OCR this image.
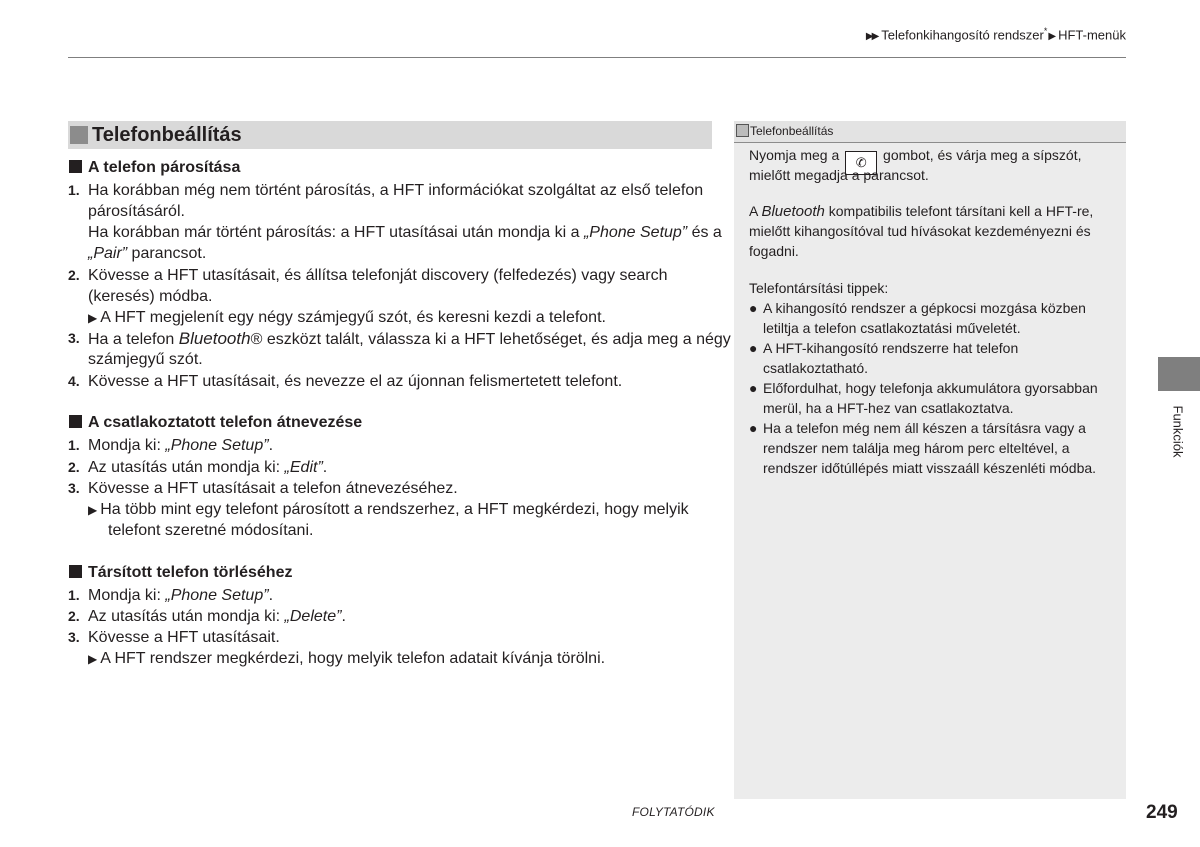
▶▶ Telefonkihangosító rendszer*▶ HFT-menük
Telefonbeállítás
A telefon párosítása
1. Ha korábban még nem történt párosítás, a HFT információkat szolgáltat az első telefon
párosításáról.
Ha korábban már történt párosítás: a HFT utasításai után mondja ki a „Phone Setup” és a
„Pair” parancsot.
2. Kövesse a HFT utasításait, és állítsa telefonját discovery (felfedezés) vagy search
(keresés) módba.
▶ A HFT megjelenít egy négy számjegyű szót, és keresni kezdi a telefont.
3. Ha a telefon Bluetooth® eszközt talált, válassza ki a HFT lehetőséget, és adja meg a négy
számjegyű szót.
4. Kövesse a HFT utasításait, és nevezze el az újonnan felismertetett telefont.
A csatlakoztatott telefon átnevezése
1. Mondja ki: „Phone Setup”.
2. Az utasítás után mondja ki: „Edit”.
3. Kövesse a HFT utasításait a telefon átnevezéséhez.
▶ Ha több mint egy telefont párosított a rendszerhez, a HFT megkérdezi, hogy melyik
telefont szeretné módosítani.
Társított telefon törléséhez
1. Mondja ki: „Phone Setup”.
2. Az utasítás után mondja ki: „Delete”.
3. Kövesse a HFT utasításait.
▶ A HFT rendszer megkérdezi, hogy melyik telefon adatait kívánja törölni.
Telefonbeállítás
Nyomja meg a ✆ gombot, és várja meg a sípszót,
mielőtt megadja a parancsot.
A Bluetooth kompatibilis telefont társítani kell a HFT-re,
mielőtt kihangosítóval tud hívásokat kezdeményezni és
fogadni.
Telefontársítási tippek:
● A kihangosító rendszer a gépkocsi mozgása közben
letiltja a telefon csatlakoztatási műveletét.
● A HFT-kihangosító rendszerre hat telefon
csatlakoztatható.
● Előfordulhat, hogy telefonja akkumulátora gyorsabban
merül, ha a HFT-hez van csatlakoztatva.
● Ha a telefon még nem áll készen a társításra vagy a
rendszer nem találja meg három perc elteltével, a
rendszer időtúllépés miatt visszaáll készenléti módba.
Funkciók
FOLYTATÓDIK	249
